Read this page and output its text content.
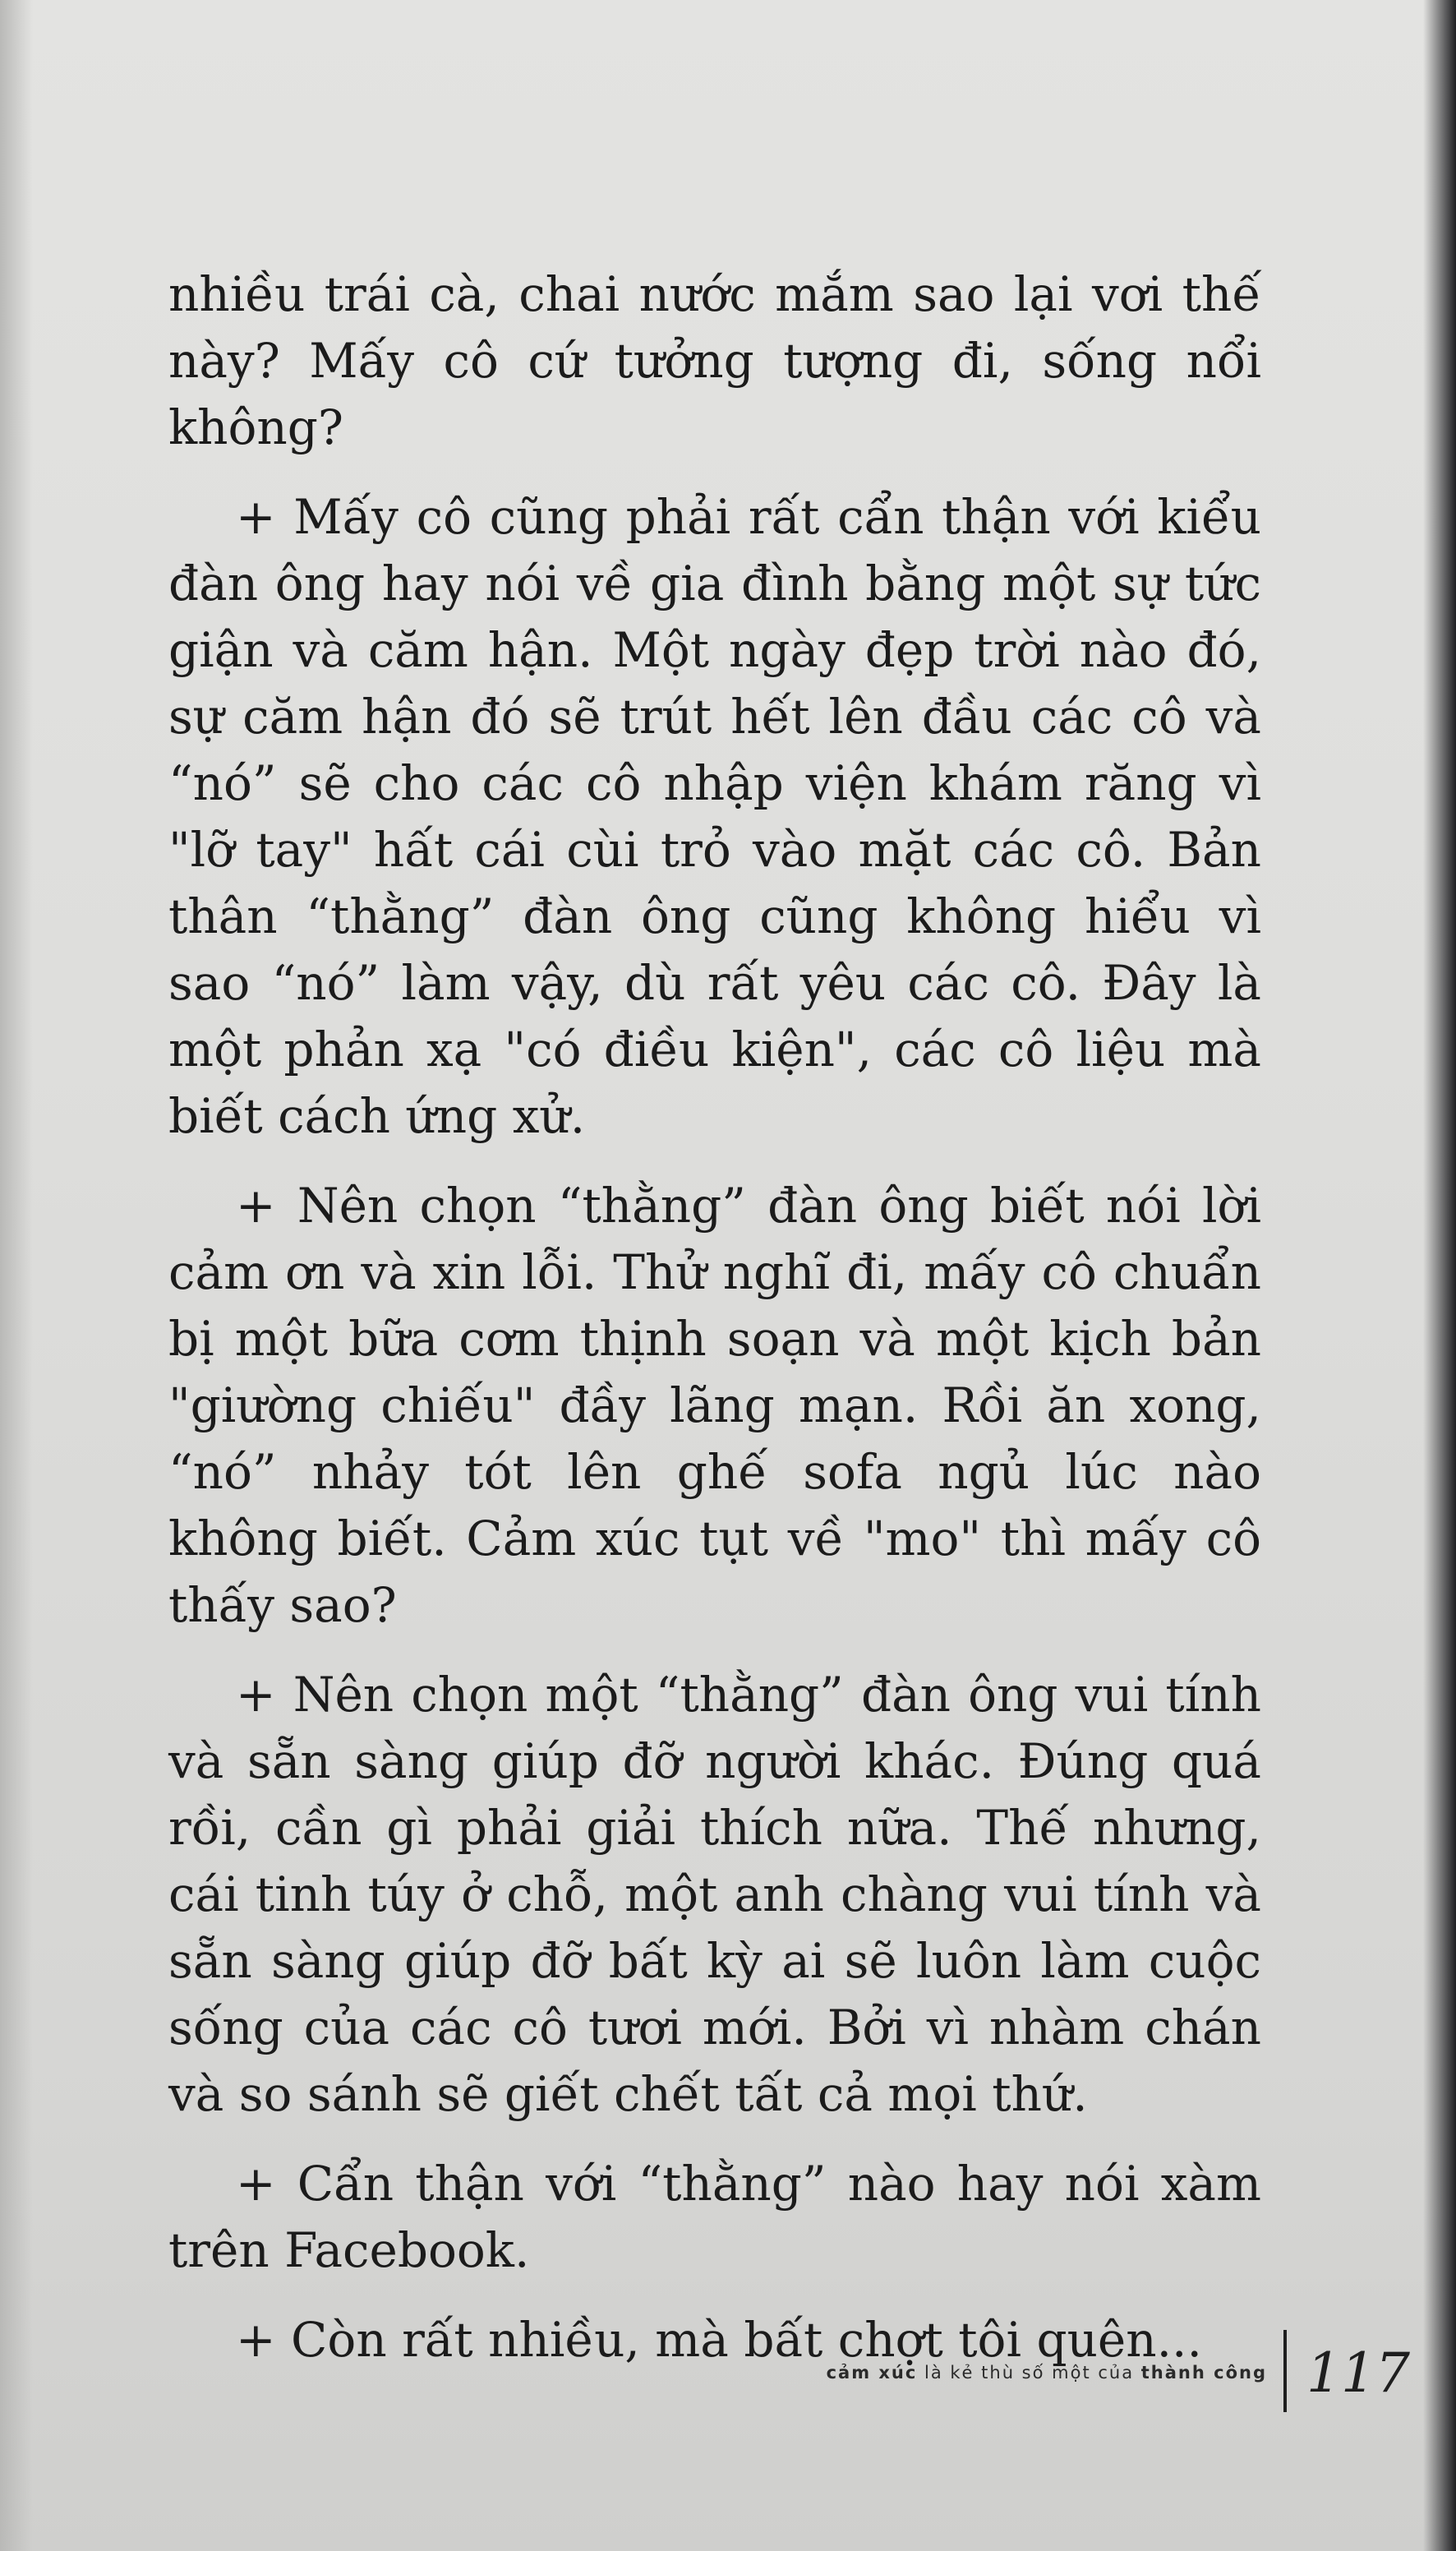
nhiều trái cà, chai nước mắm sao lại vơi thế này? Mấy cô cứ tưởng tượng đi, sống nổi không?

+ Mấy cô cũng phải rất cẩn thận với kiểu đàn ông hay nói về gia đình bằng một sự tức giận và căm hận. Một ngày đẹp trời nào đó, sự căm hận đó sẽ trút hết lên đầu các cô và “nó” sẽ cho các cô nhập viện khám răng vì "lỡ tay" hất cái cùi trỏ vào mặt các cô. Bản thân “thằng” đàn ông cũng không hiểu vì sao “nó” làm vậy, dù rất yêu các cô. Đây là một phản xạ "có điều kiện", các cô liệu mà biết cách ứng xử.

+ Nên chọn “thằng” đàn ông biết nói lời cảm ơn và xin lỗi. Thử nghĩ đi, mấy cô chuẩn bị một bữa cơm thịnh soạn và một kịch bản "giường chiếu" đầy lãng mạn. Rồi ăn xong, “nó” nhảy tót lên ghế sofa ngủ lúc nào không biết. Cảm xúc tụt về "mo" thì mấy cô thấy sao?

+ Nên chọn một “thằng” đàn ông vui tính và sẵn sàng giúp đỡ người khác. Đúng quá rồi, cần gì phải giải thích nữa. Thế nhưng, cái tinh túy ở chỗ, một anh chàng vui tính và sẵn sàng giúp đỡ bất kỳ ai sẽ luôn làm cuộc sống của các cô tươi mới. Bởi vì nhàm chán và so sánh sẽ giết chết tất cả mọi thứ.

+ Cẩn thận với “thằng” nào hay nói xàm trên Facebook.

+ Còn rất nhiều, mà bất chợt tôi quên...

cảm xúc là kẻ thù số một của thành công 117
